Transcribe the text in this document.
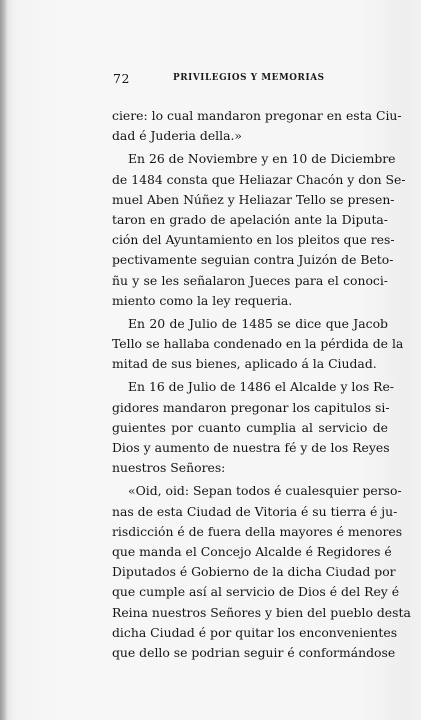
72	PRIVILEGIOS Y MEMORIAS
ciere: lo cual mandaron pregonar en esta Ciu-
dad é Juderia della.»
En 26 de Noviembre y en 10 de Diciembre
de 1484 consta que Heliazar Chacón y don Se-
muel Aben Núñez y Heliazar Tello se presen-
taron en grado de apelación ante la Diputa-
ción del Ayuntamiento en los pleitos que res-
pectivamente seguian contra Juizón de Beto-
ñu y se les señalaron Jueces para el conoci-
miento como la ley requeria.
En 20 de Julio de 1485 se dice que Jacob
Tello se hallaba condenado en la pérdida de la
mitad de sus bienes, aplicado á la Ciudad.
En 16 de Julio de 1486 el Alcalde y los Re-
gidores mandaron pregonar los capitulos si-
guientes por cuanto cumplia al servicio de
Dios y aumento de nuestra fé y de los Reyes
nuestros Señores:
«Oid, oid: Sepan todos é cualesquier perso-
nas de esta Ciudad de Vitoria é su tierra é ju-
risdicción é de fuera della mayores é menores
que manda el Concejo Alcalde é Regidores é
Diputados é Gobierno de la dicha Ciudad por
que cumple así al servicio de Dios é del Rey é
Reina nuestros Señores y bien del pueblo desta
dicha Ciudad é por quitar los enconvenientes
que dello se podrian seguir é conformándose
